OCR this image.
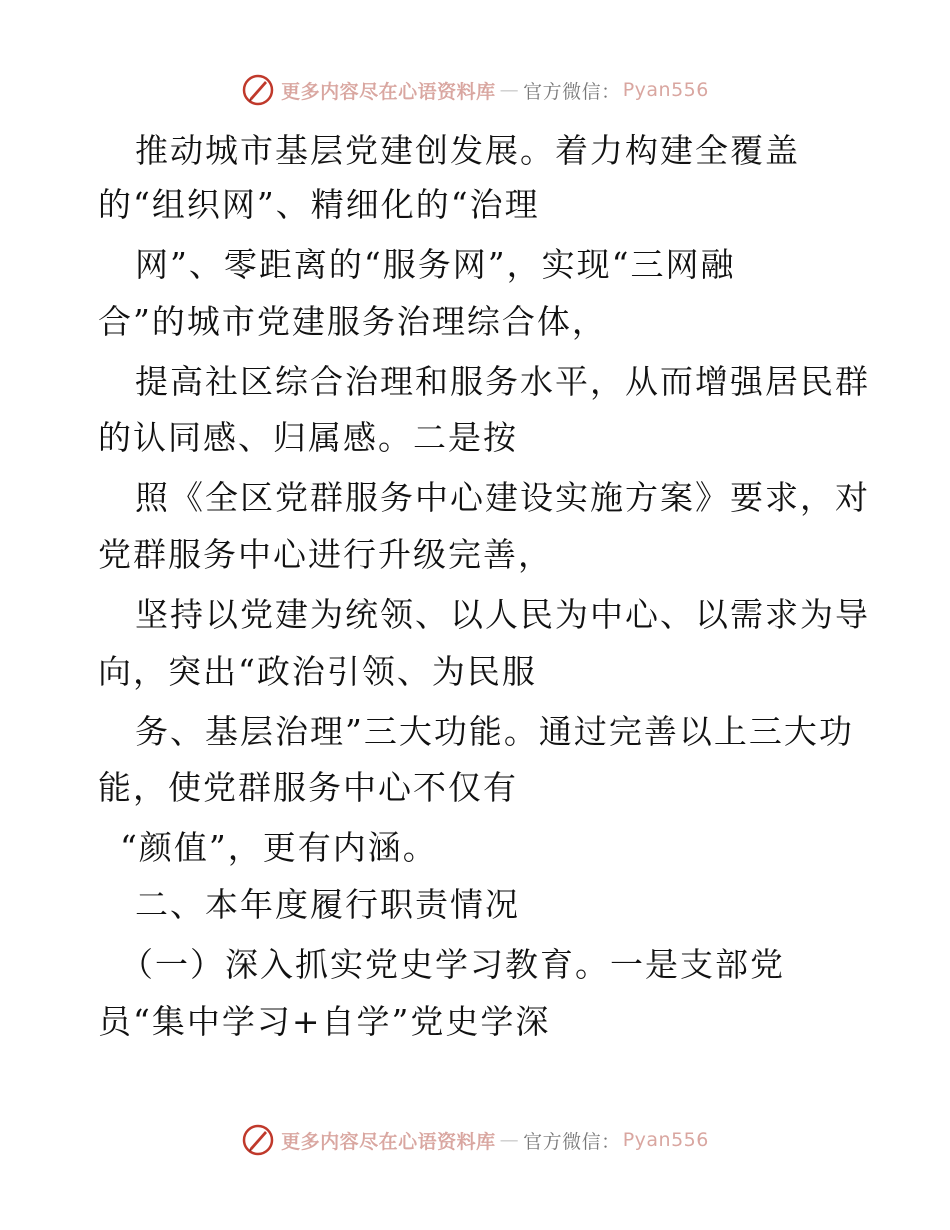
更多内容尽在心语资料库 — 官方微信： Pyan556
推动城市基层党建创发展。着力构建全覆盖
的“组织网”、精细化的“治理
网”、零距离的“服务网”，实现“三网融
合”的城市党建服务治理综合体，
提高社区综合治理和服务水平，从而增强居民群
的认同感、归属感。二是按
照《全区党群服务中心建设实施方案》要求，对
党群服务中心进行升级完善，
坚持以党建为统领、以人民为中心、以需求为导
向，突出“政治引领、为民服
务、基层治理”三大功能。通过完善以上三大功
能，使党群服务中心不仅有
“颜值”，更有内涵。
二、本年度履行职责情况
（一）深入抓实党史学习教育。一是支部党
员“集中学习+自学”党史学深
更多内容尽在心语资料库 — 官方微信： Pyan556
